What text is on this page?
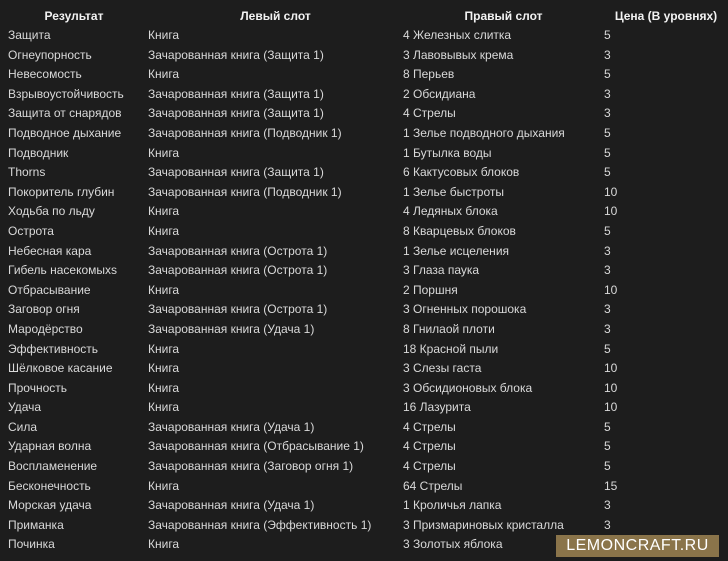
Результат	Левый слот	Правый слот	Цена (В уровнях)
Защита	Книга	4 Железных слитка	5
Огнеупорность	Зачарованная книга (Защита 1)	3 Лавовывых крема	3
Невесомость	Книга	8 Перьев	5
Взрывоустойчивость	Зачарованная книга (Защита 1)	2 Обсидиана	3
Защита от снарядов	Зачарованная книга (Защита 1)	4 Стрелы	3
Подводное дыхание	Зачарованная книга (Подводник 1)	1 Зелье подводного дыхания	5
Подводник	Книга	1 Бутылка воды	5
Thorns	Зачарованная книга (Защита 1)	6 Кактусовых блоков	5
Покоритель глубин	Зачарованная книга (Подводник 1)	1 Зелье быстроты	10
Ходьба по льду	Книга	4 Ледяных блока	10
Острота	Книга	8 Кварцевых блоков	5
Небесная кара	Зачарованная книга (Острота 1)	1 Зелье исцеления	3
Гибель насекомыхs	Зачарованная книга (Острота 1)	3 Глаза паука	3
Отбрасывание	Книга	2 Поршня	10
Заговор огня	Зачарованная книга (Острота 1)	3 Огненных порошока	3
Мародёрство	Зачарованная книга (Удача 1)	8 Гнилаой плоти	3
Эффективность	Книга	18 Красной пыли	5
Шёлковое касание	Книга	3 Слезы гаста	10
Прочность	Книга	3 Обсидионовых блока	10
Удача	Книга	16 Лазурита	10
Сила	Зачарованная книга (Удача 1)	4 Стрелы	5
Ударная волна	Зачарованная книга (Отбрасывание 1)	4 Стрелы	5
Воспламенение	Зачарованная книга (Заговор огня 1)	4 Стрелы	5
Бесконечность	Книга	64 Стрелы	15
Морская удача	Зачарованная книга (Удача 1)	1 Кроличья лапка	3
Приманка	Зачарованная книга (Эффективность 1)	3 Призмариновых кристалла	3
Починка	Книга	3 Золотых яблока	LEMONCRAFT.RU
